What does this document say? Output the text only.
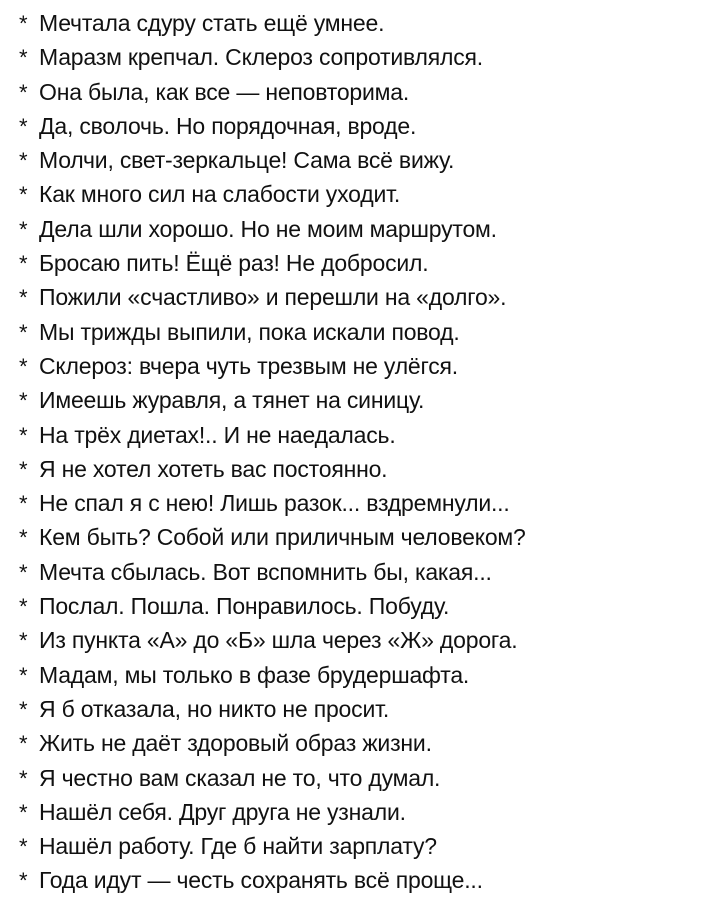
* Мечтала сдуру стать ещё умнее.
* Маразм крепчал. Склероз сопротивлялся.
* Она была, как все — неповторима.
* Да, сволочь. Но порядочная, вроде.
* Молчи, свет-зеркальце! Сама всё вижу.
* Как много сил на слабости уходит.
* Дела шли хорошо. Но не моим маршрутом.
* Бросаю пить! Ёщё раз! Не добросил.
* Пожили «счастливо» и перешли на «долго».
* Мы трижды выпили, пока искали повод.
* Склероз: вчера чуть трезвым не улёгся.
* Имеешь журавля, а тянет на синицу.
* На трёх диетах!.. И не наедалась.
* Я не хотел хотеть вас постоянно.
* Не спал я с нею! Лишь разок... вздремнули...
* Кем быть? Собой или приличным человеком?
* Мечта сбылась. Вот вспомнить бы, какая...
* Послал. Пошла. Понравилось. Побуду.
* Из пункта «А» до «Б» шла через «Ж» дорога.
* Мадам, мы только в фазе брудершафта.
* Я б отказала, но никто не просит.
* Жить не даёт здоровый образ жизни.
* Я честно вам сказал не то, что думал.
* Нашёл себя. Друг друга не узнали.
* Нашёл работу. Где б найти зарплату?
* Года идут — честь сохранять всё проще...
